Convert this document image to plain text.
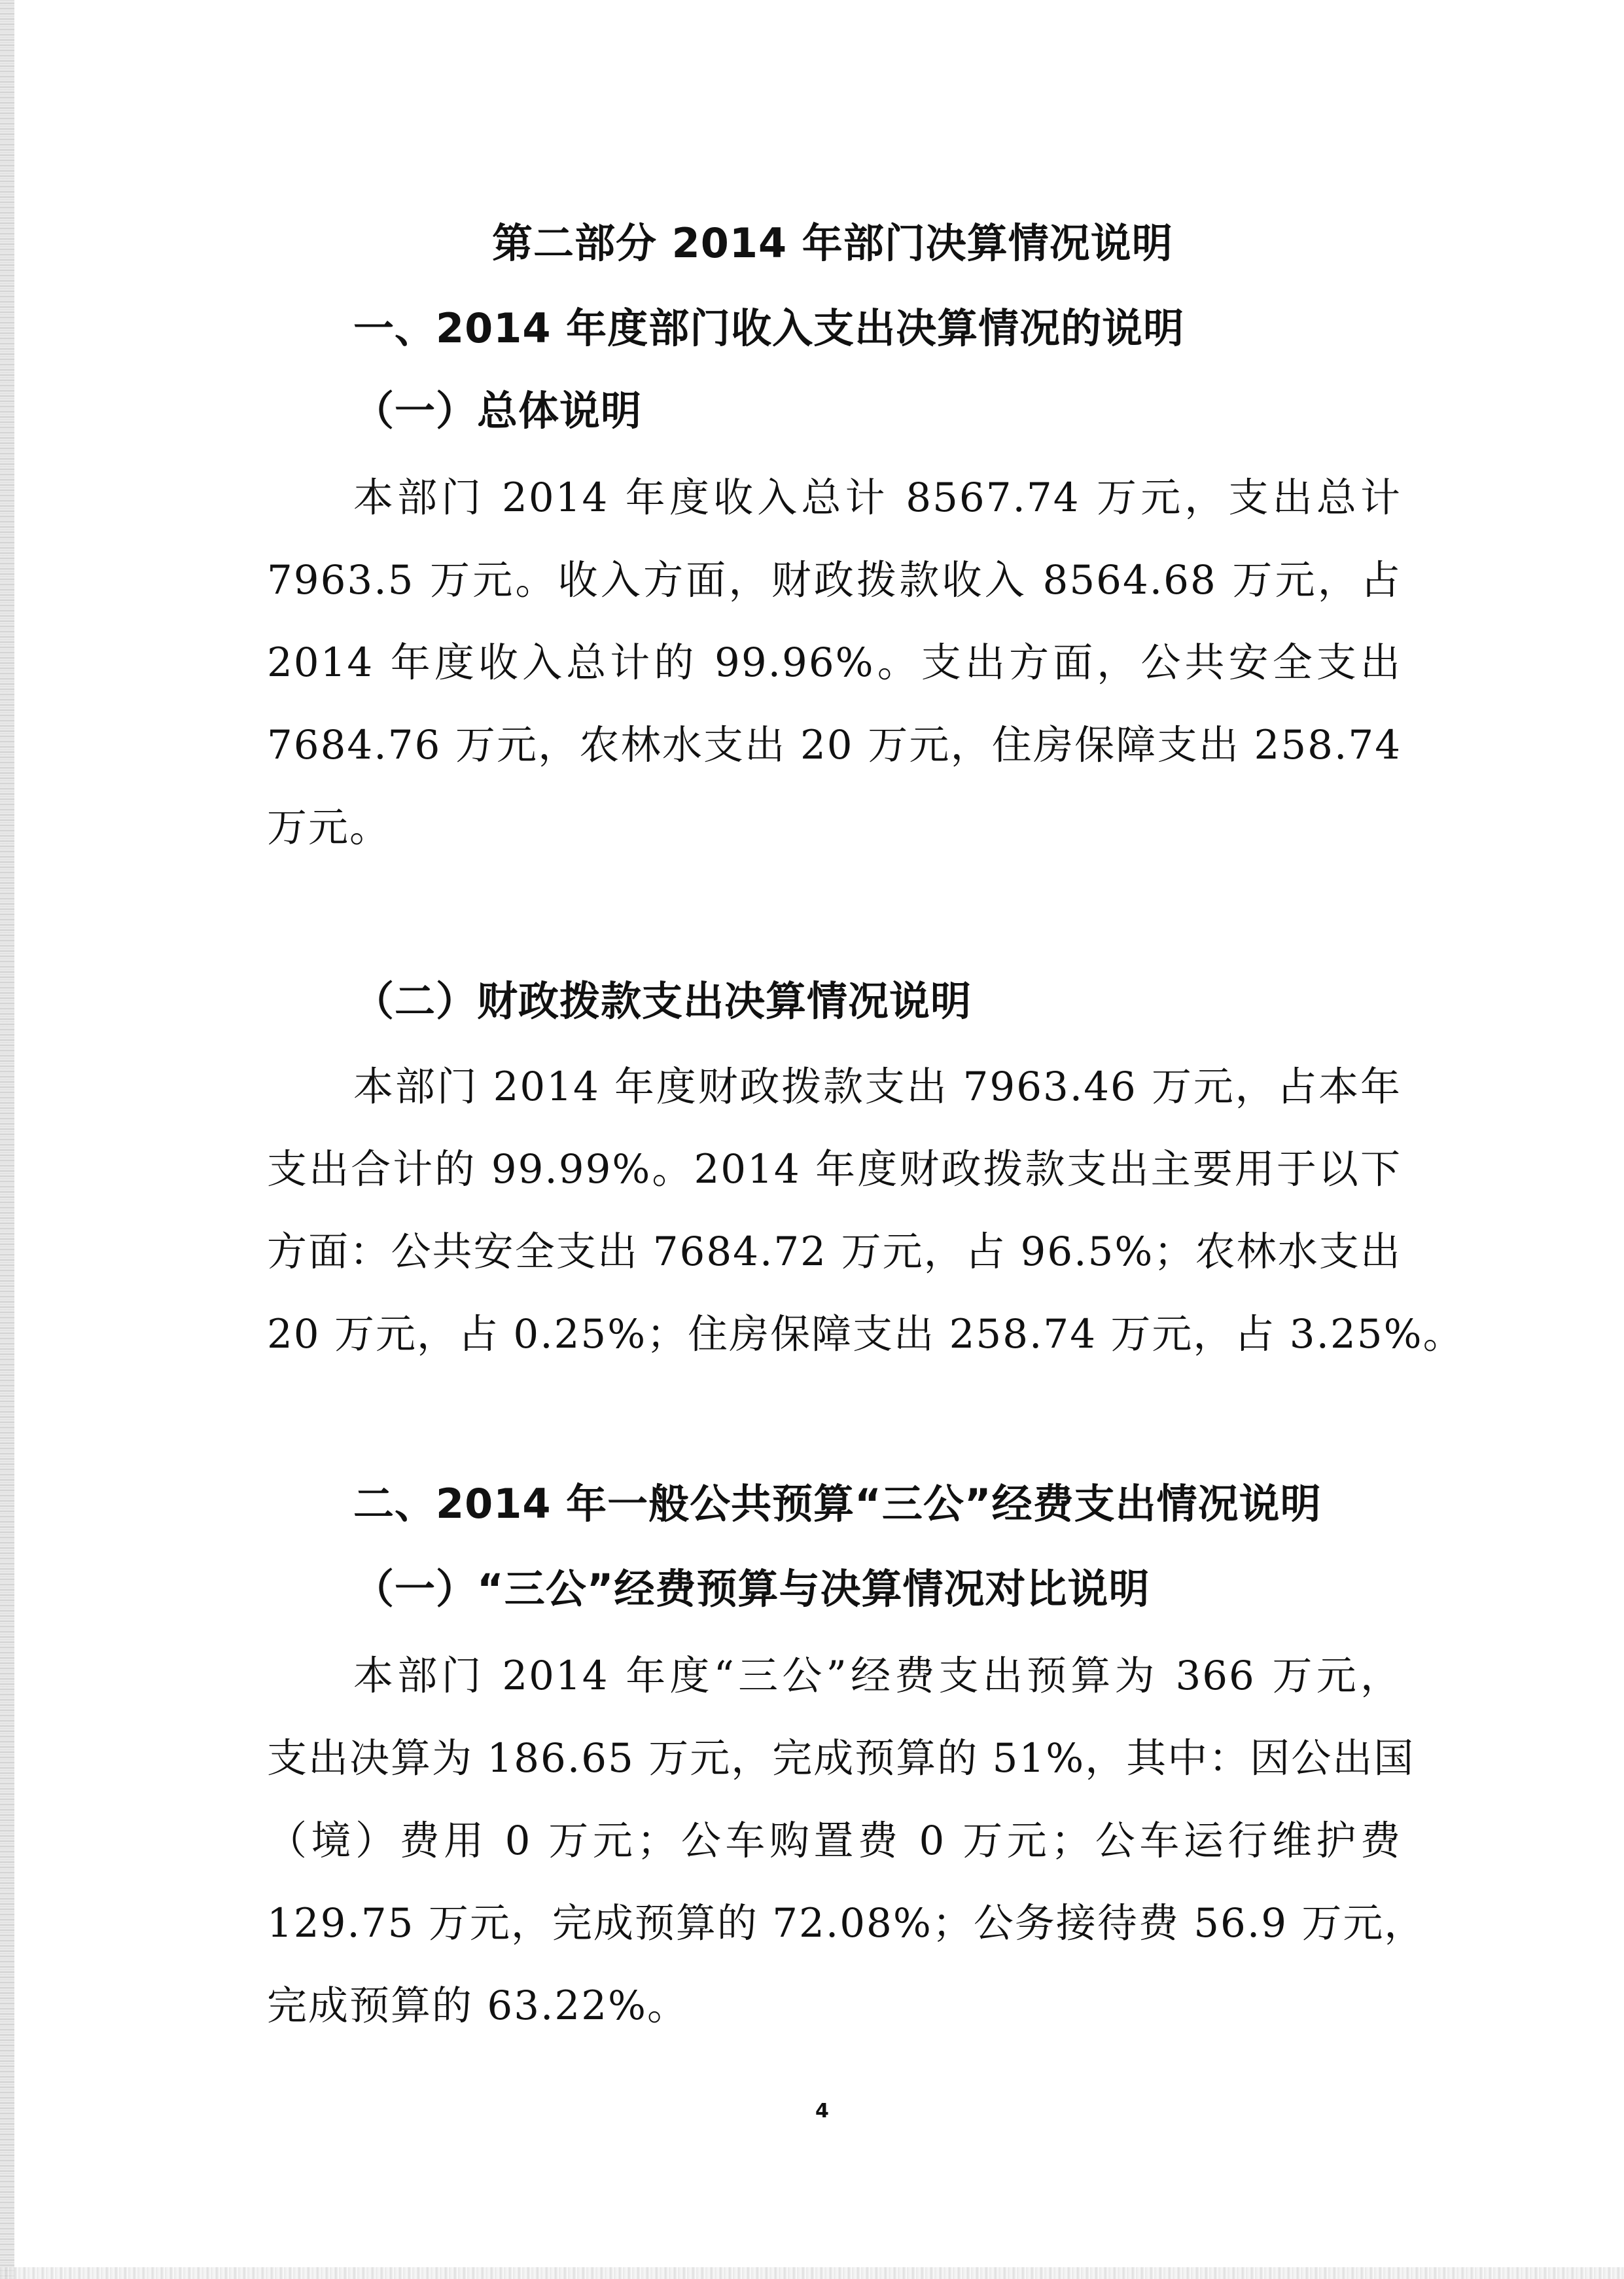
第二部分 2014 年部门决算情况说明
一、2014 年度部门收入支出决算情况的说明
（一）总体说明
本部门 2014 年度收入总计 8567.74 万元，支出总计
7963.5 万元。收入方面，财政拨款收入 8564.68 万元，占
2014 年度收入总计的 99.96%。支出方面，公共安全支出
7684.76 万元，农林水支出 20 万元，住房保障支出 258.74
万元。
（二）财政拨款支出决算情况说明
本部门 2014 年度财政拨款支出 7963.46 万元，占本年
支出合计的 99.99%。2014 年度财政拨款支出主要用于以下
方面：公共安全支出 7684.72 万元，占 96.5%；农林水支出
20 万元，占 0.25%；住房保障支出 258.74 万元，占 3.25%。
二、2014 年一般公共预算“三公”经费支出情况说明
（一）“三公”经费预算与决算情况对比说明
本部门 2014 年度“三公”经费支出预算为 366 万元，
支出决算为 186.65 万元，完成预算的 51%，其中：因公出国
（境）费用 0 万元；公车购置费 0 万元；公车运行维护费
129.75 万元，完成预算的 72.08%；公务接待费 56.9 万元，
完成预算的 63.22%。
4
